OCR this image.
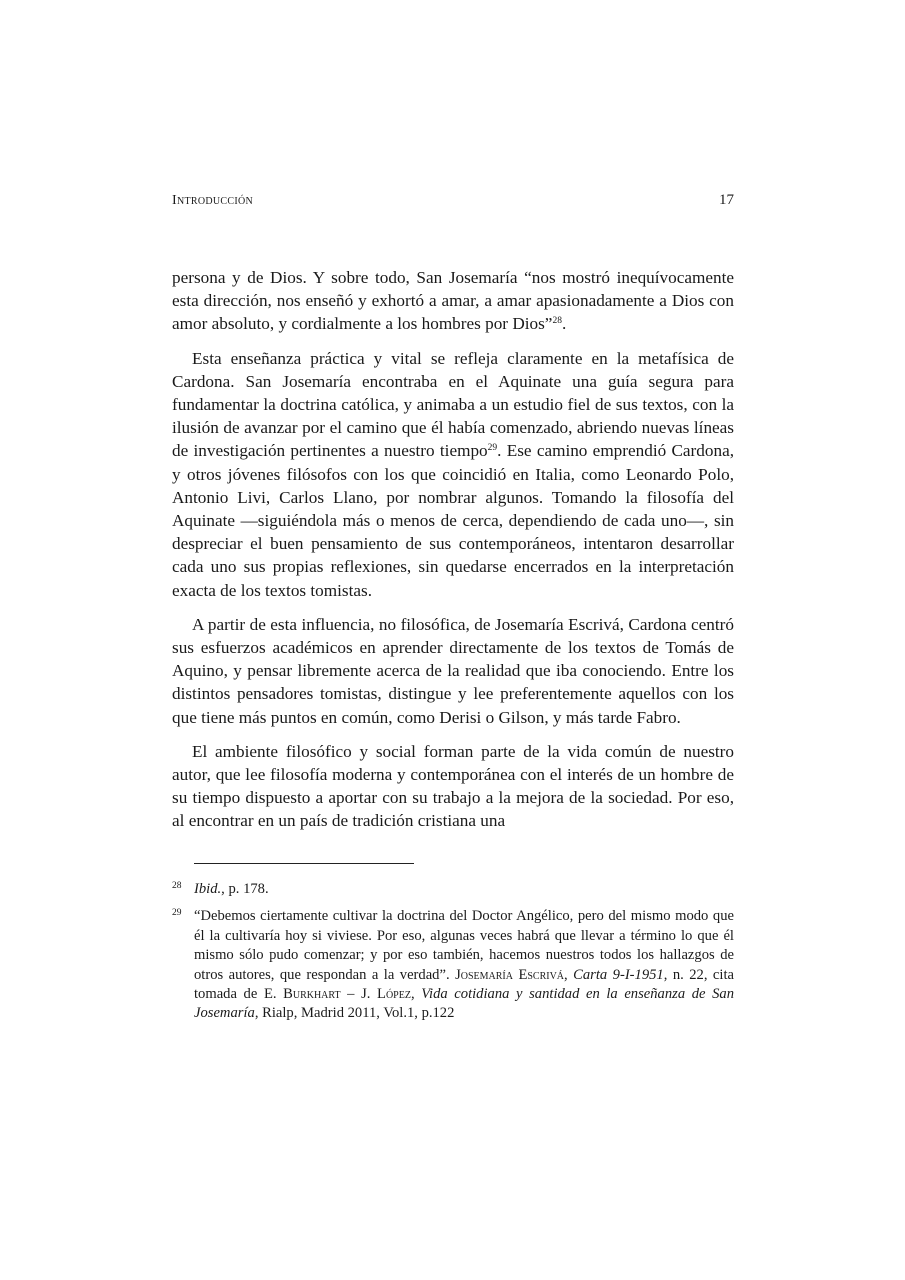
Introducción	17

persona y de Dios. Y sobre todo, San Josemaría “nos mostró inequívocamente esta dirección, nos enseñó y exhortó a amar, a amar apasionadamente a Dios con amor absoluto, y cordialmente a los hombres por Dios”$^{28}$.

Esta enseñanza práctica y vital se refleja claramente en la metafísica de Cardona. San Josemaría encontraba en el Aquinate una guía segura para fundamentar la doctrina católica, y animaba a un estudio fiel de sus textos, con la ilusión de avanzar por el camino que él había comenzado, abriendo nuevas líneas de investigación pertinentes a nuestro tiempo$^{29}$. Ese camino emprendió Cardona, y otros jóvenes filósofos con los que coincidió en Italia, como Leonardo Polo, Antonio Livi, Carlos Llano, por nombrar algunos. Tomando la filosofía del Aquinate —siguiéndola más o menos de cerca, dependiendo de cada uno—, sin despreciar el buen pensamiento de sus contemporáneos, intentaron desarrollar cada uno sus propias reflexiones, sin quedarse encerrados en la interpretación exacta de los textos tomistas.

A partir de esta influencia, no filosófica, de Josemaría Escrivá, Cardona centró sus esfuerzos académicos en aprender directamente de los textos de Tomás de Aquino, y pensar libremente acerca de la realidad que iba conociendo. Entre los distintos pensadores tomistas, distingue y lee preferentemente aquellos con los que tiene más puntos en común, como Derisi o Gilson, y más tarde Fabro.

El ambiente filosófico y social forman parte de la vida común de nuestro autor, que lee filosofía moderna y contemporánea con el interés de un hombre de su tiempo dispuesto a aportar con su trabajo a la mejora de la sociedad. Por eso, al encontrar en un país de tradición cristiana una

28 Ibid., p. 178.
29 “Debemos ciertamente cultivar la doctrina del Doctor Angélico, pero del mismo modo que él la cultivaría hoy si viviese. Por eso, algunas veces habrá que llevar a término lo que él mismo sólo pudo comenzar; y por eso también, hacemos nuestros todos los hallazgos de otros autores, que respondan a la verdad”. Josemaría Escrivá, Carta 9-I-1951, n. 22, cita tomada de E. Burkhart – J. López, Vida cotidiana y santidad en la enseñanza de San Josemaría, Rialp, Madrid 2011, Vol.1, p.122
